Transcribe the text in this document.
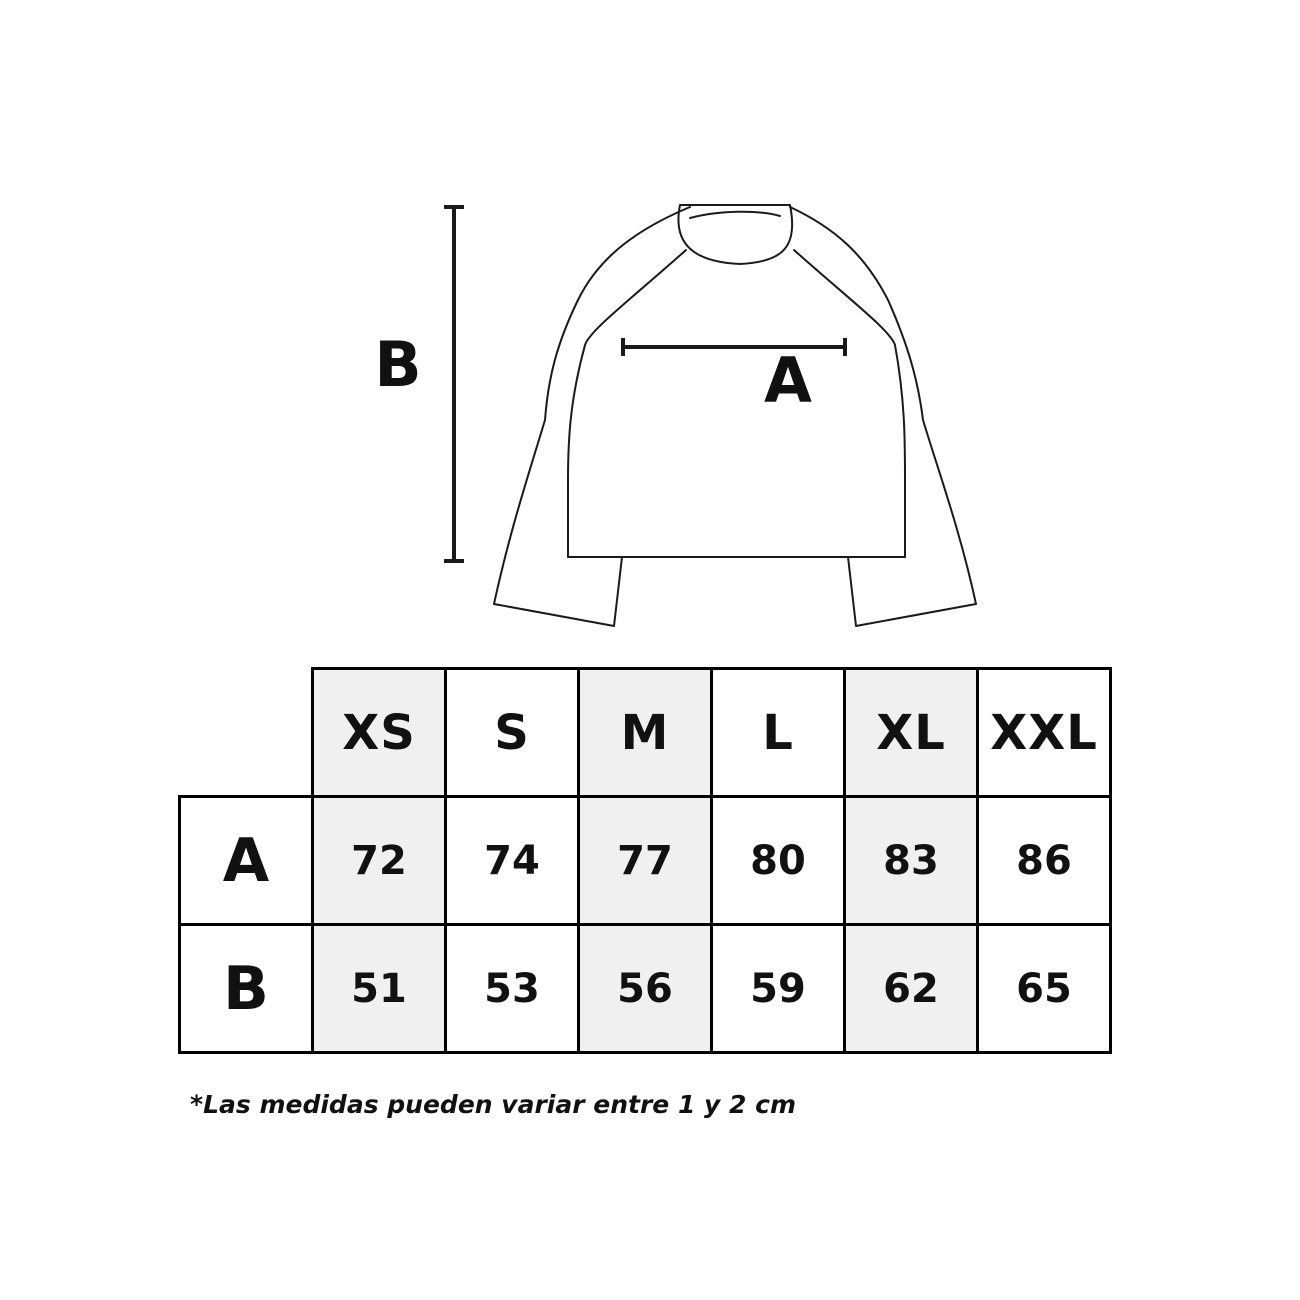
A
B
	XS	S	M	L	XL	XXL
A	72	74	77	80	83	86
B	51	53	56	59	62	65
*Las medidas pueden variar entre 1 y 2 cm
